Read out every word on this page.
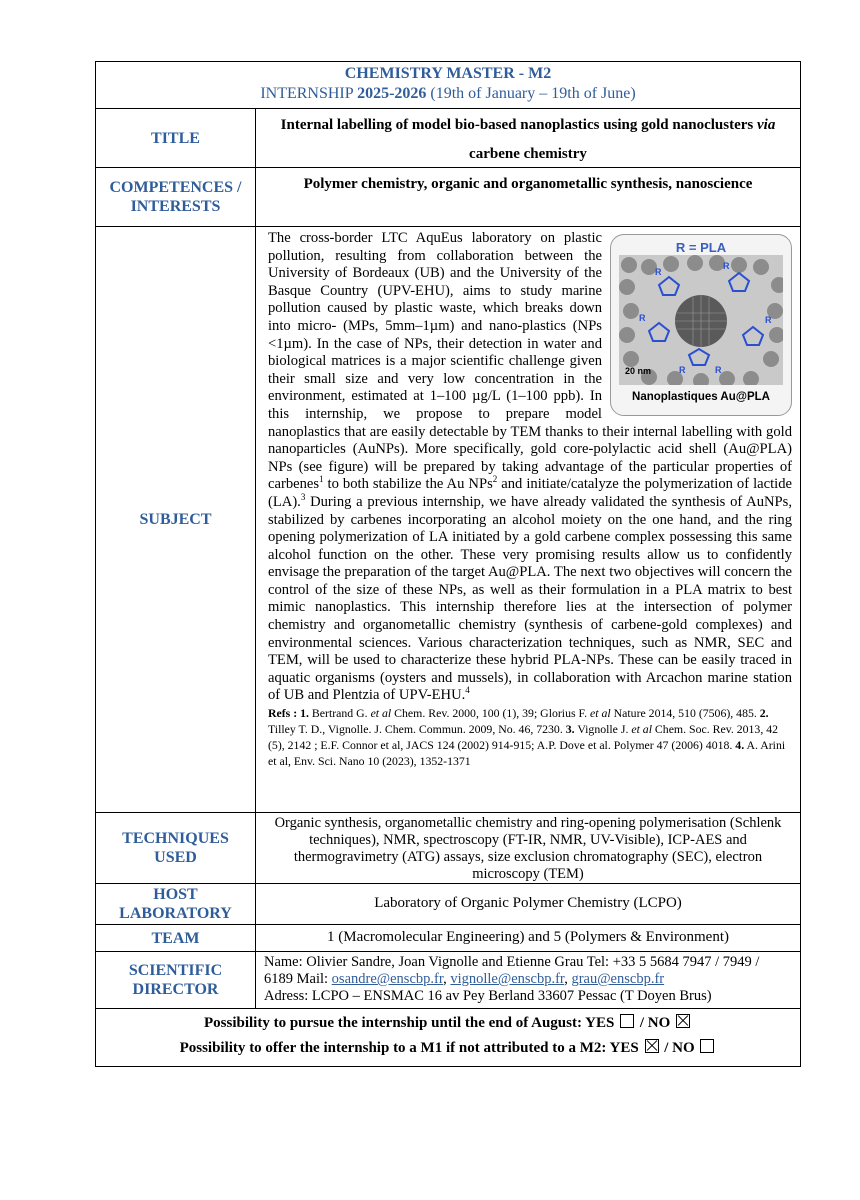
CHEMISTRY MASTER - M2
INTERNSHIP 2025-2026 (19th of January – 19th of June)
TITLE
Internal labelling of model bio-based nanoplastics using gold nanoclusters via carbene chemistry
COMPETENCES / INTERESTS
Polymer chemistry, organic and organometallic synthesis, nanoscience
SUBJECT
R = PLA
R
R
R	R
R	R
20 nm
Nanoplastiques Au@PLA
The cross-border LTC AquEus laboratory on plastic pollution, resulting from collaboration between the University of Bordeaux (UB) and the University of the Basque Country (UPV-EHU), aims to study marine pollution caused by plastic waste, which breaks down into micro- (MPs, 5mm–1µm) and nano-plastics (NPs <1µm). In the case of NPs, their detection in water and biological matrices is a major scientific challenge given their small size and very low concentration in the environment, estimated at 1–100 µg/L (1–100 ppb). In this internship, we propose to prepare model nanoplastics that are easily detectable by TEM thanks to their internal labelling with gold nanoparticles (AuNPs). More specifically, gold core-polylactic acid shell (Au@PLA) NPs (see figure) will be prepared by taking advantage of the particular properties of carbenes$^1$ to both stabilize the Au NPs$^2$ and initiate/catalyze the polymerization of lactide (LA).$^3$ During a previous internship, we have already validated the synthesis of AuNPs, stabilized by carbenes incorporating an alcohol moiety on the one hand, and the ring opening polymerization of LA initiated by a gold carbene complex possessing this same alcohol function on the other. These very promising results allow us to confidently envisage the preparation of the target Au@PLA. The next two objectives will concern the control of the size of these NPs, as well as their formulation in a PLA matrix to best mimic nanoplastics. This internship therefore lies at the intersection of polymer chemistry and organometallic chemistry (synthesis of carbene-gold complexes) and environmental sciences. Various characterization techniques, such as NMR, SEC and TEM, will be used to characterize these hybrid PLA-NPs. These can be easily traced in aquatic organisms (oysters and mussels), in collaboration with Arcachon marine station of UB and Plentzia of UPV-EHU.$^4$
Refs : 1. Bertrand G. et al Chem. Rev. 2000, 100 (1), 39; Glorius F. et al Nature 2014, 510 (7506), 485. 2. Tilley T. D., Vignolle. J. Chem. Commun. 2009, No. 46, 7230. 3. Vignolle J. et al Chem. Soc. Rev. 2013, 42 (5), 2142 ; E.F. Connor et al, JACS 124 (2002) 914-915; A.P. Dove et al. Polymer 47 (2006) 4018. 4. A. Arini et al, Env. Sci. Nano 10 (2023), 1352-1371
TECHNIQUES USED
Organic synthesis, organometallic chemistry and ring-opening polymerisation (Schlenk techniques), NMR, spectroscopy (FT-IR, NMR, UV-Visible), ICP-AES and thermogravimetry (ATG) assays, size exclusion chromatography (SEC), electron microscopy (TEM)
HOST LABORATORY
Laboratory of Organic Polymer Chemistry (LCPO)
TEAM	1 (Macromolecular Engineering) and 5 (Polymers & Environment)
SCIENTIFIC DIRECTOR
Name: Olivier Sandre, Joan Vignolle and Etienne Grau Tel: +33 5 5684 7947 / 7949 / 6189 Mail: osandre@enscbp.fr, vignolle@enscbp.fr, grau@enscbp.fr
Adress: LCPO – ENSMAC 16 av Pey Berland 33607 Pessac (T Doyen Brus)
Possibility to pursue the internship until the end of August: YES  / NO
Possibility to offer the internship to a M1 if not attributed to a M2: YES  / NO
